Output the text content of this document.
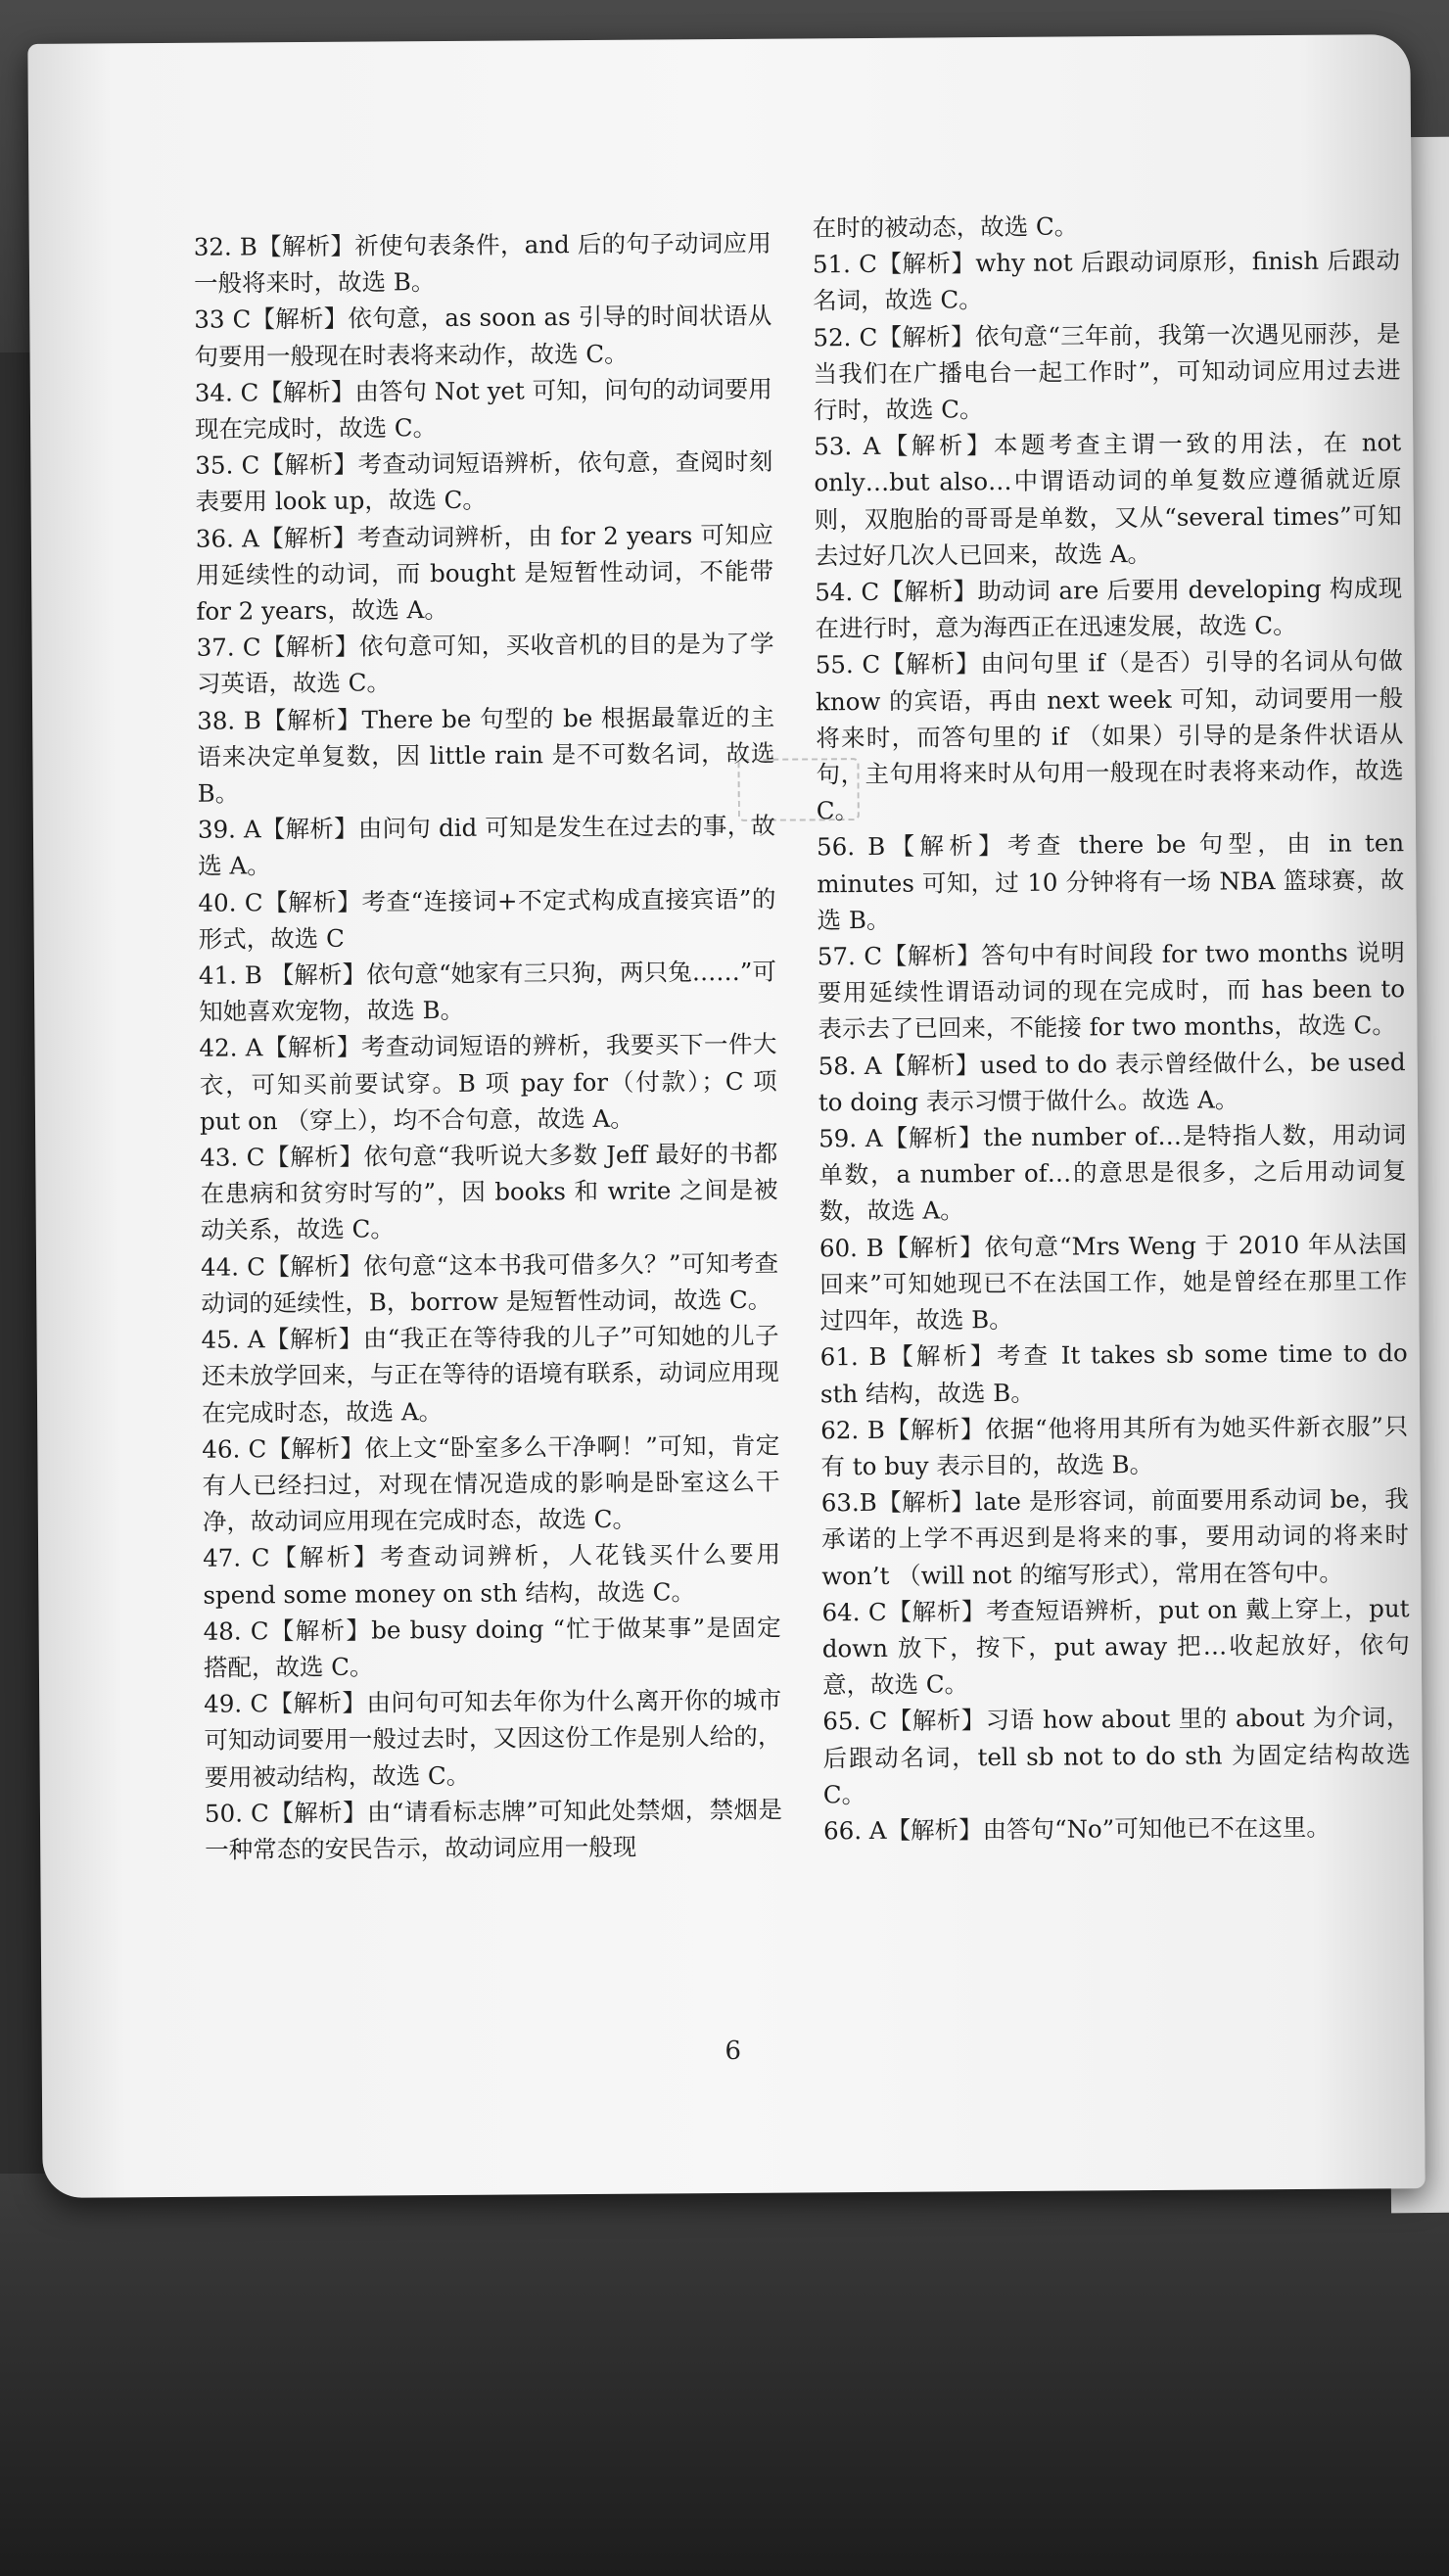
32. B【解析】祈使句表条件，and 后的句子动词应用一般将来时，故选 B。

33 C【解析】依句意，as soon as 引导的时间状语从句要用一般现在时表将来动作，故选 C。

34. C【解析】由答句 Not yet 可知，问句的动词要用现在完成时，故选 C。

35. C【解析】考查动词短语辨析，依句意，查阅时刻表要用 look up，故选 C。

36. A【解析】考查动词辨析，由 for 2 years 可知应用延续性的动词，而 bought 是短暂性动词，不能带 for 2 years，故选 A。

37. C【解析】依句意可知，买收音机的目的是为了学习英语，故选 C。

38. B【解析】There be 句型的 be 根据最靠近的主语来决定单复数，因 little rain 是不可数名词，故选 B。

39. A【解析】由问句 did 可知是发生在过去的事，故选 A。

40. C【解析】考查“连接词+不定式构成直接宾语”的形式，故选 C

41. B 【解析】依句意“她家有三只狗，两只兔……”可知她喜欢宠物，故选 B。

42. A【解析】考查动词短语的辨析，我要买下一件大衣，可知买前要试穿。B 项 pay for（付款）；C 项 put on （穿上），均不合句意，故选 A。

43. C【解析】依句意“我听说大多数 Jeff 最好的书都在患病和贫穷时写的”，因 books 和 write 之间是被动关系，故选 C。

44. C【解析】依句意“这本书我可借多久？”可知考查动词的延续性，B，borrow 是短暂性动词，故选 C。

45. A【解析】由“我正在等待我的儿子”可知她的儿子还未放学回来，与正在等待的语境有联系，动词应用现在完成时态，故选 A。

46. C【解析】依上文“卧室多么干净啊！”可知，肯定有人已经扫过，对现在情况造成的影响是卧室这么干净，故动词应用现在完成时态，故选 C。

47. C【解析】考查动词辨析，人花钱买什么要用 spend some money on sth 结构，故选 C。

48. C【解析】be busy doing “忙于做某事”是固定搭配，故选 C。

49. C【解析】由问句可知去年你为什么离开你的城市可知动词要用一般过去时，又因这份工作是别人给的，要用被动结构，故选 C。

50. C【解析】由“请看标志牌”可知此处禁烟，禁烟是一种常态的安民告示，故动词应用一般现

在时的被动态，故选 C。

51. C【解析】why not 后跟动词原形，finish 后跟动名词，故选 C。

52. C【解析】依句意“三年前，我第一次遇见丽莎，是当我们在广播电台一起工作时”，可知动词应用过去进行时，故选 C。

53. A【解析】本题考查主谓一致的用法，在 not only…but also…中谓语动词的单复数应遵循就近原则，双胞胎的哥哥是单数，又从“several times”可知去过好几次人已回来，故选 A。

54. C【解析】助动词 are 后要用 developing 构成现在进行时，意为海西正在迅速发展，故选 C。

55. C【解析】由问句里 if（是否）引导的名词从句做 know 的宾语，再由 next week 可知，动词要用一般将来时，而答句里的 if （如果）引导的是条件状语从句，主句用将来时从句用一般现在时表将来动作，故选 C。

56. B【解析】考查 there be 句型，由 in ten minutes 可知，过 10 分钟将有一场 NBA 篮球赛，故选 B。

57. C【解析】答句中有时间段 for two months 说明要用延续性谓语动词的现在完成时，而 has been to 表示去了已回来，不能接 for two months，故选 C。

58. A【解析】used to do 表示曾经做什么，be used to doing 表示习惯于做什么。故选 A。

59. A【解析】the number of…是特指人数，用动词单数，a number of…的意思是很多，之后用动词复数，故选 A。

60. B【解析】依句意“Mrs Weng 于 2010 年从法国回来”可知她现已不在法国工作，她是曾经在那里工作过四年，故选 B。

61. B【解析】考查 It takes sb some time to do sth 结构，故选 B。

62. B【解析】依据“他将用其所有为她买件新衣服”只有 to buy 表示目的，故选 B。

63.B【解析】late 是形容词，前面要用系动词 be，我承诺的上学不再迟到是将来的事，要用动词的将来时 won’t （will not 的缩写形式），常用在答句中。

64. C【解析】考查短语辨析，put on 戴上穿上，put down 放下，按下，put away 把…收起放好，依句意，故选 C。

65. C【解析】习语 how about 里的 about 为介词，后跟动名词，tell sb not to do sth 为固定结构故选 C。

66. A【解析】由答句“No”可知他已不在这里。

6
